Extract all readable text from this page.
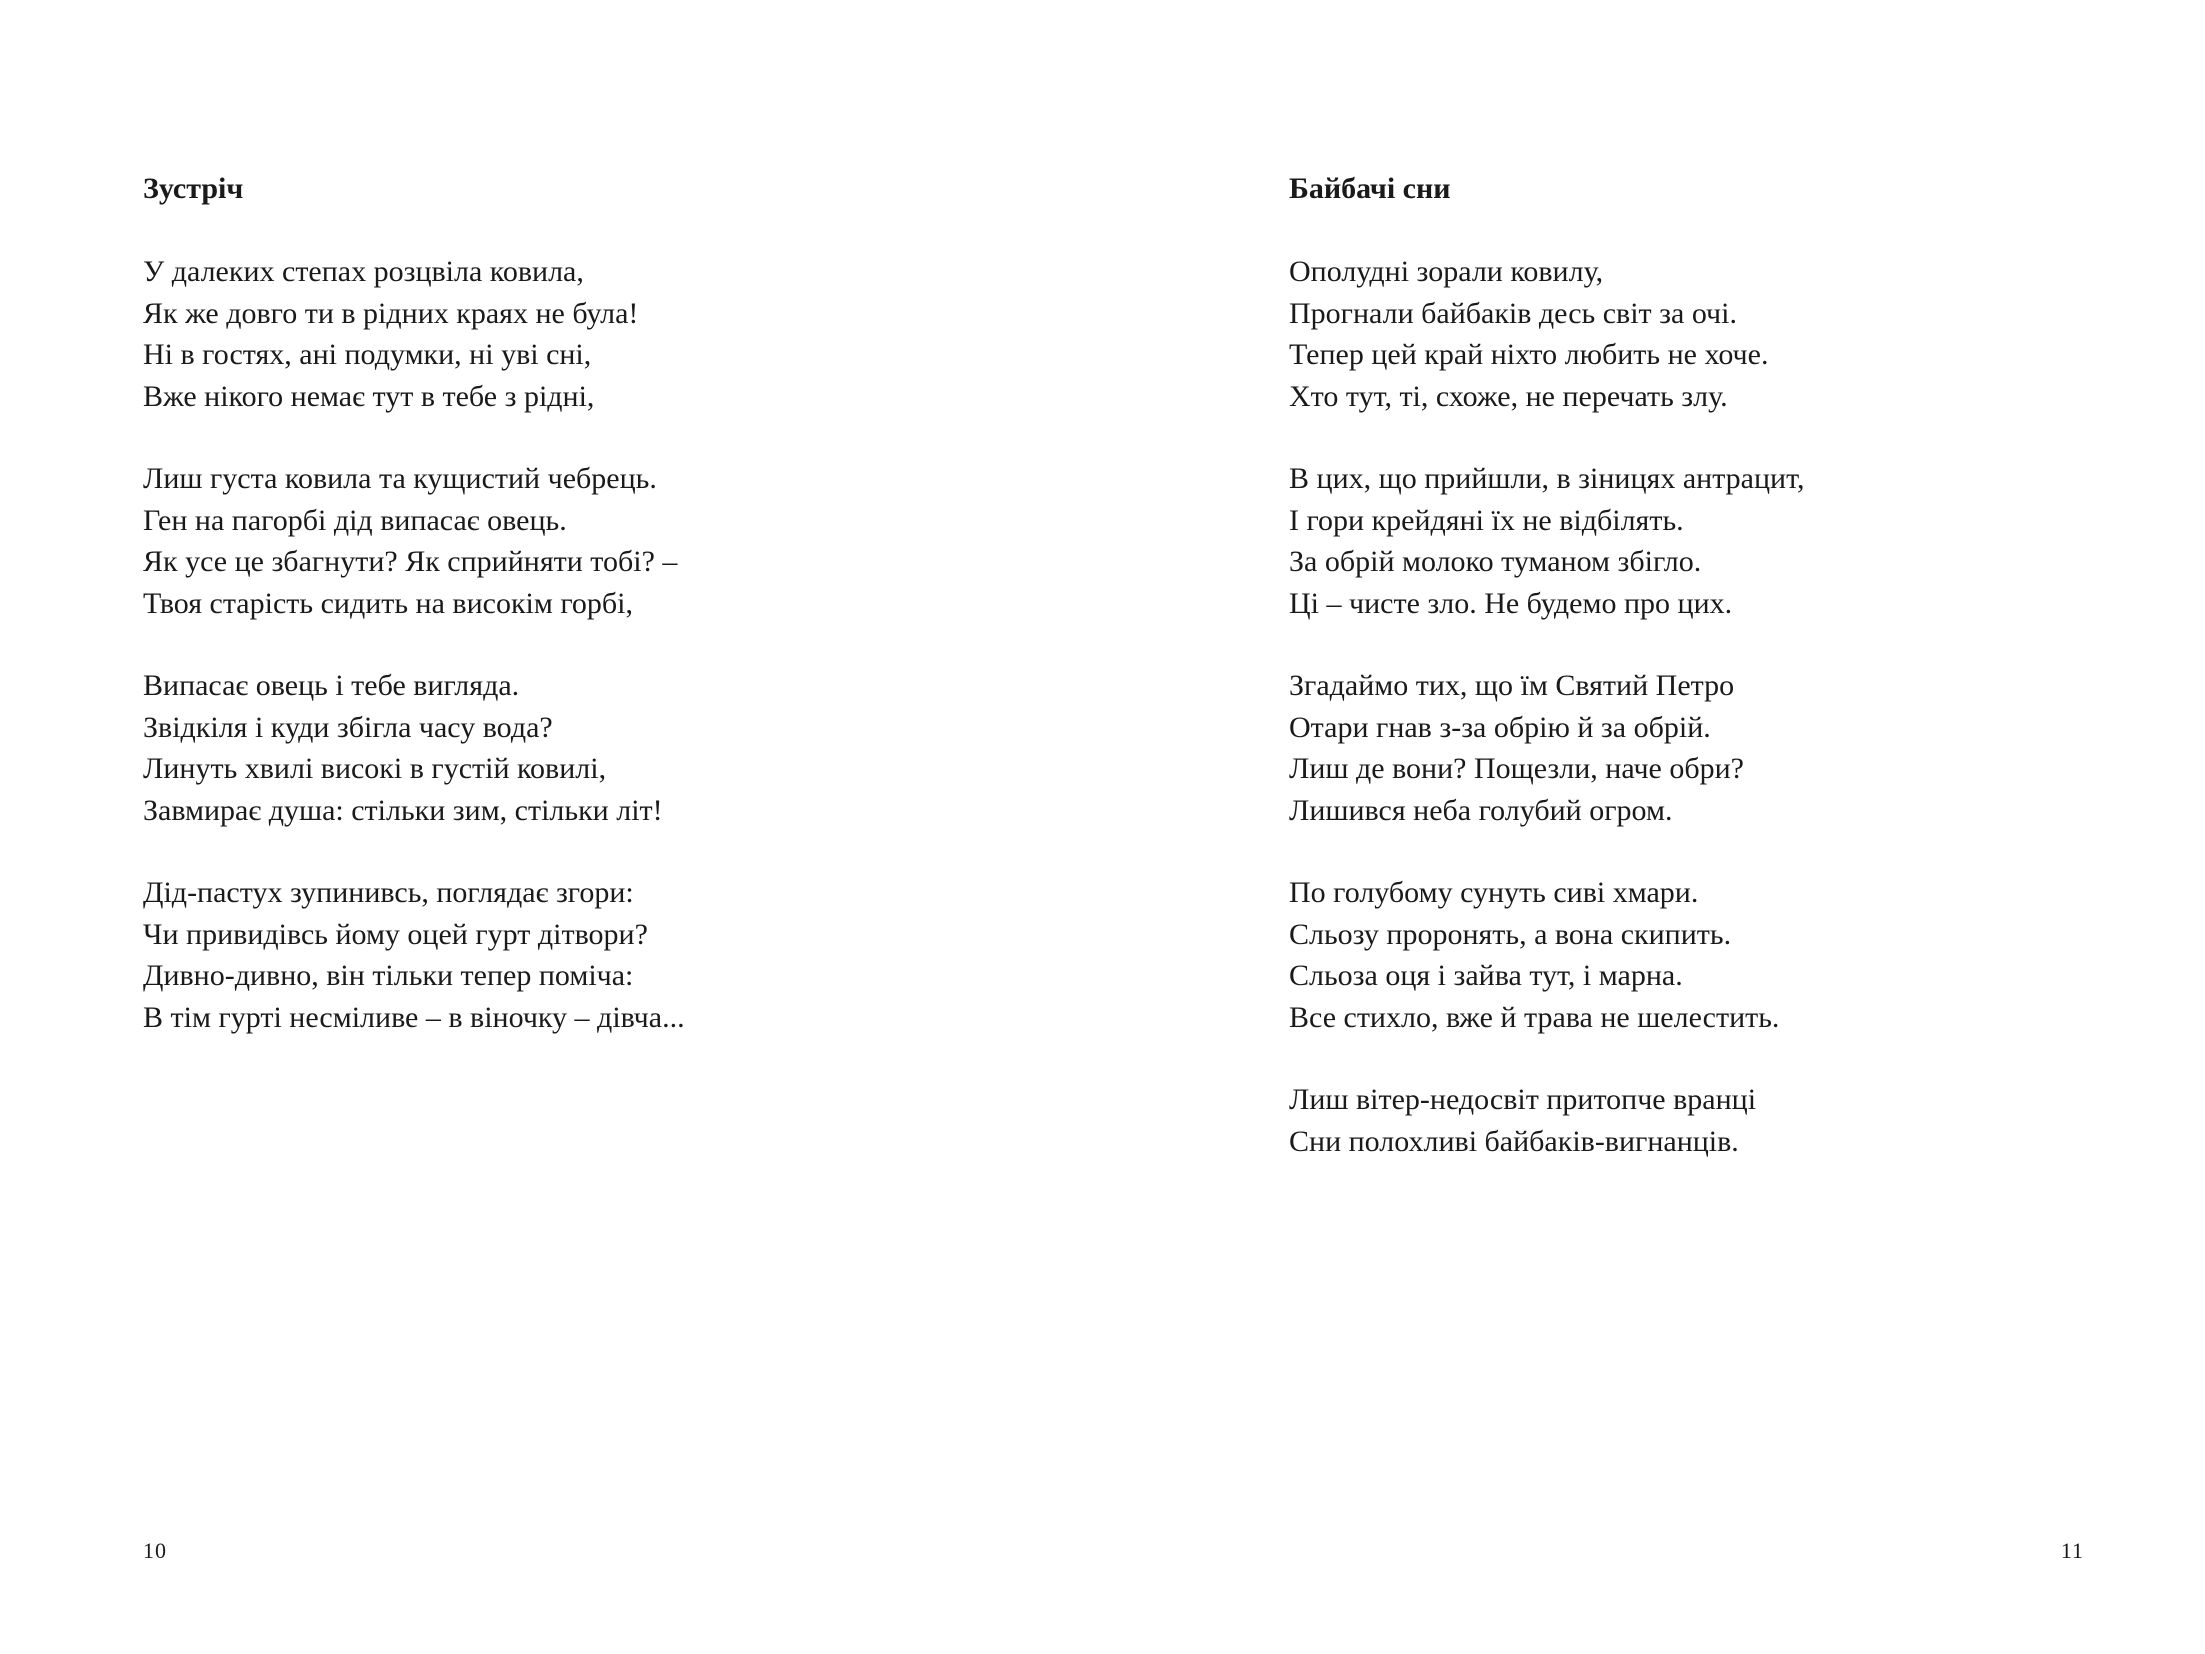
Зустріч
У далеких степах розцвіла ковила,
Як же довго ти в рідних краях не була!
Ні в гостях, ані подумки, ні уві сні,
Вже нікого немає тут в тебе з рідні,
Лиш густа ковила та кущистий чебрець.
Ген на пагорбі дід випасає овець.
Як усе це збагнути? Як сприйняти тобі? –
Твоя старість сидить на високім горбі,
Випасає овець і тебе вигляда.
Звідкіля і куди збігла часу вода?
Линуть хвилі високі в густій ковилі,
Завмирає душа: стільки зим, стільки літ!
Дід-пастух зупинивсь, поглядає згори:
Чи привидівсь йому оцей гурт дітвори?
Дивно-дивно, він тільки тепер поміча:
В тім гурті несміливе – в віночку – дівча...
10
Байбачі сни
Ополудні зорали ковилу,
Прогнали байбаків десь світ за очі.
Тепер цей край ніхто любить не хоче.
Хто тут, ті, схоже, не перечать злу.
В цих, що прийшли, в зіницях антрацит,
І гори крейдяні їх не відбілять.
За обрій молоко туманом збігло.
Ці – чисте зло. Не будемо про цих.
Згадаймо тих, що їм Святий Петро
Отари гнав з-за обрію й за обрій.
Лиш де вони? Пощезли, наче обри?
Лишився неба голубий огром.
По голубому сунуть сиві хмари.
Сльозу проронять, а вона скипить.
Сльоза оця і зайва тут, і марна.
Все стихло, вже й трава не шелестить.
Лиш вітер-недосвіт притопче вранці
Сни полохливі байбаків-вигнанців.
11
